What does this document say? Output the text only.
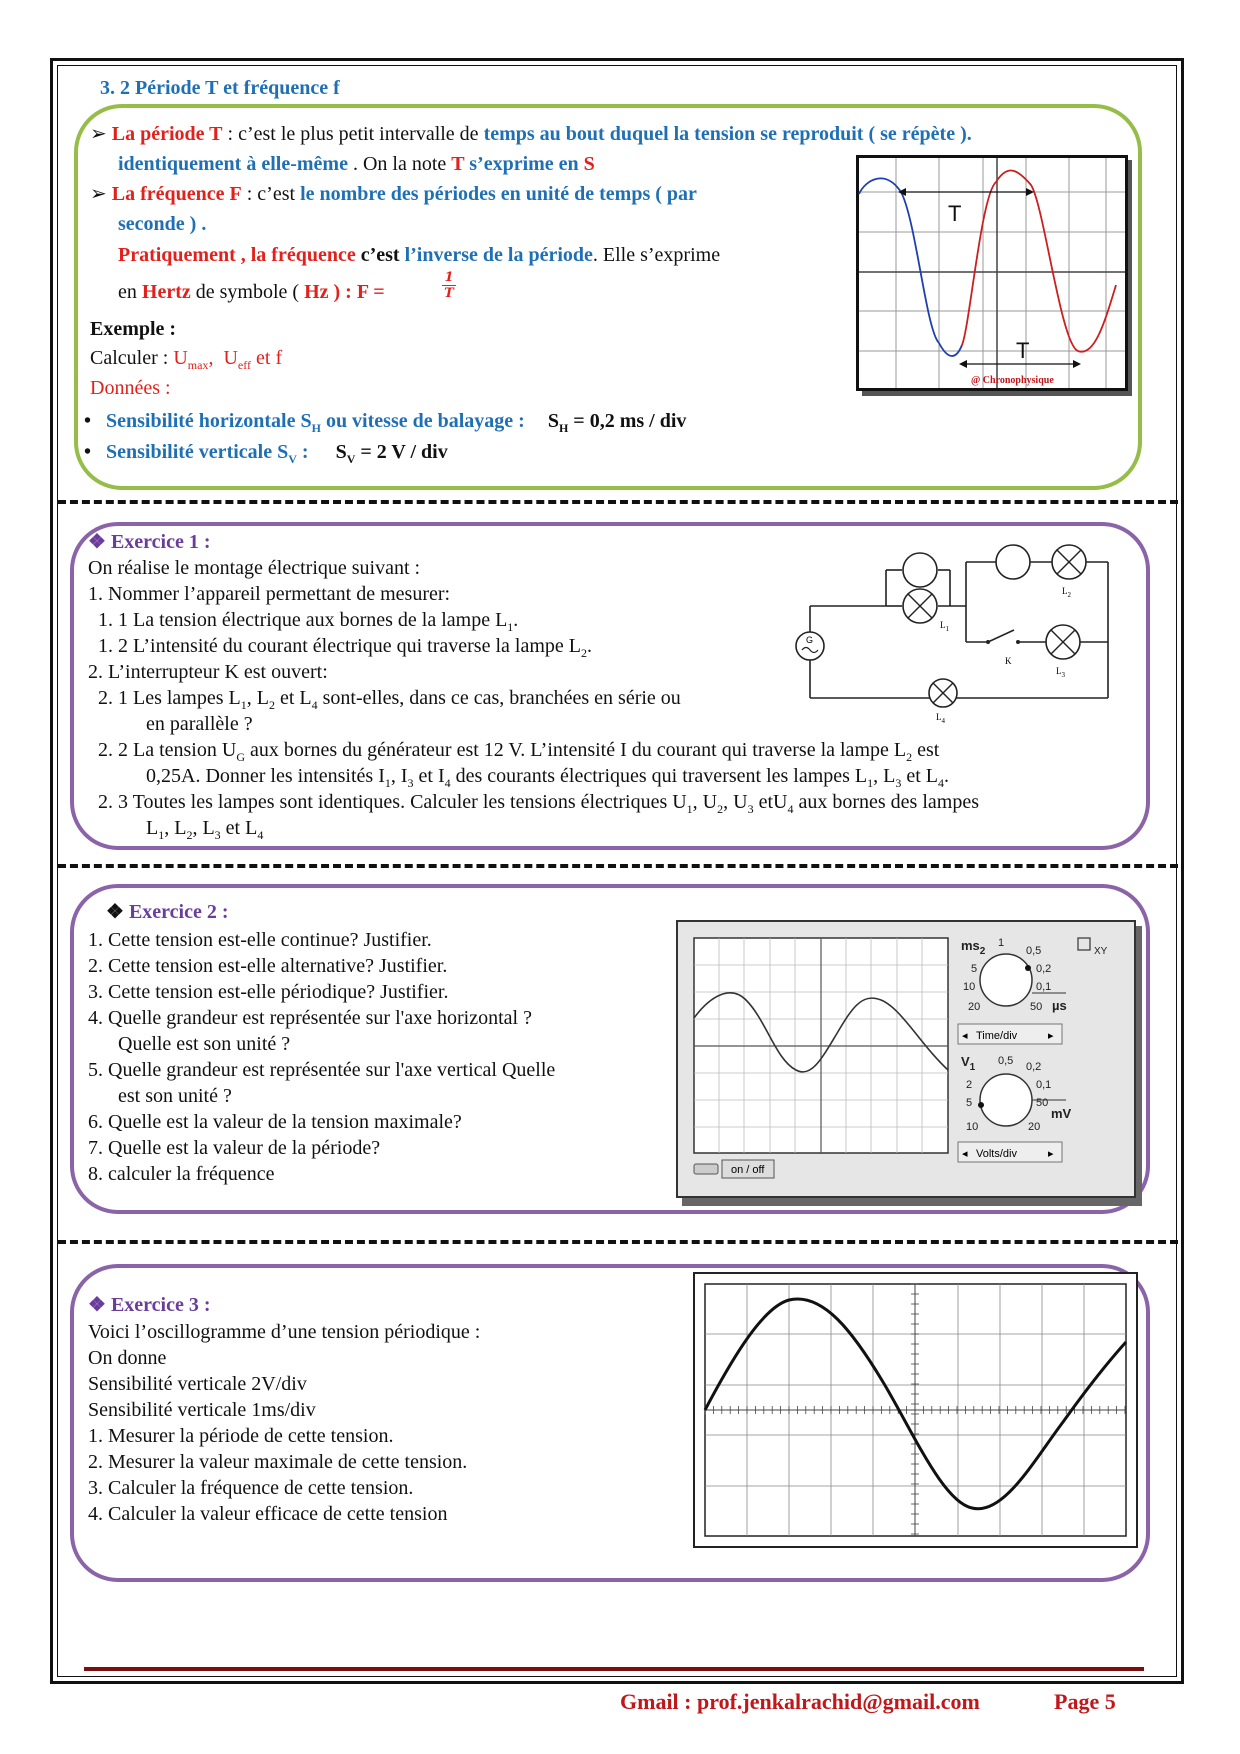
3. 2 Période T et fréquence f
➢ La période T : c’est le plus petit intervalle de temps au bout duquel la tension se reproduit ( se répète ).
identiquement à elle-même . On la note T s’exprime en S
➢ La fréquence F : c’est le nombre des périodes en unité de temps ( par
seconde ) .
Pratiquement , la fréquence c’est l’inverse de la période. Elle s’exprime
en Hertz de symbole ( Hz ) : F =
1
T
Exemple :
Calculer : $U_{max}$,  $U_{eff}$ et f
Données :
•   Sensibilité horizontale $S_H$ ou vitesse de balayage : $S_H = 0,2$ ms / div
•   Sensibilité verticale $S_V$ : $S_V = 2$ V / div
T
T
@ Chronophysique
❖ Exercice 1 :
On réalise le montage électrique suivant :
1. Nommer l’appareil permettant de mesurer:
1. 1 La tension électrique aux bornes de la lampe $L_1$.
1. 2 L’intensité du courant électrique qui traverse la lampe $L_2$.
2. L’interrupteur K est ouvert:
2. 1 Les lampes $L_1$, $L_2$ et $L_4$ sont-elles, dans ce cas, branchées en série ou
en parallèle ?
2. 2 La tension $U_G$ aux bornes du générateur est 12 V. L’intensité I du courant qui traverse la lampe $L_2$ est
0,25A. Donner les intensités $I_1$, $I_3$ et $I_4$ des courants électriques qui traversent les lampes $L_1$, $L_3$ et $L_4$.
2. 3 Toutes les lampes sont identiques. Calculer les tensions électriques $U_1$, $U_2$, $U_3$ etU$_4$ aux bornes des lampes
$L_1$, $L_2$, $L_3$ et $L_4$
G
$L_1$
$L_2$
K
$L_3$
$L_4$
❖ Exercice 2 :
1. Cette tension est-elle continue? Justifier.
2. Cette tension est-elle alternative? Justifier.
3. Cette tension est-elle périodique? Justifier.
4. Quelle grandeur est représentée sur l'axe horizontal ?
Quelle est son unité ?
5. Quelle grandeur est représentée sur l'axe vertical Quelle
est son unité ?
6. Quelle est la valeur de la tension maximale?
7. Quelle est la valeur de la période?
8. calculer la fréquence	on / off
$ms_2$
1
0,5	XY
5	0,2
10	0,1
20	50 µs
◂ Time/div	▸
$V_1$
0,5 0,2
2	0,1
5	50
mV
10	20
◂ Volts/div	▸
❖ Exercice 3 :
Voici l’oscillogramme d’une tension périodique :
On donne
Sensibilité verticale 2V/div
Sensibilité verticale 1ms/div
1. Mesurer la période de cette tension.
2. Mesurer la valeur maximale de cette tension.
3. Calculer la fréquence de cette tension.
4. Calculer la valeur efficace de cette tension
Gmail : prof.jenkalrachid@gmail.com	Page 5
